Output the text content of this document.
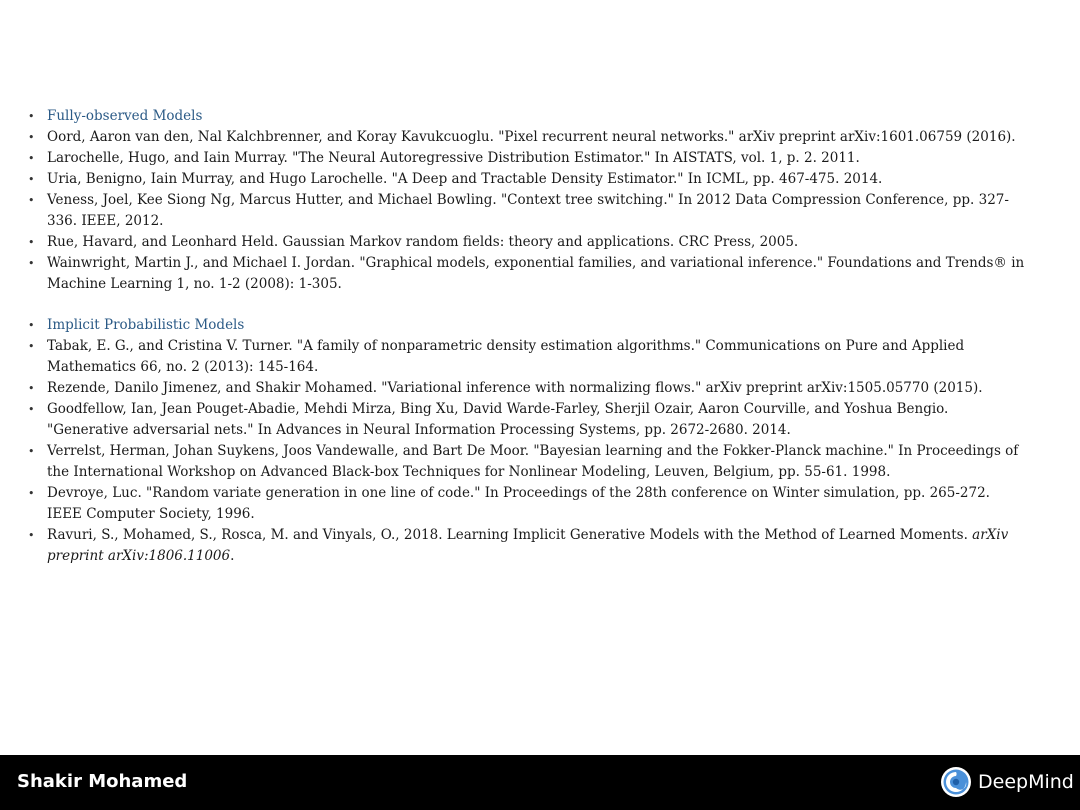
• Fully-observed Models
• Oord, Aaron van den, Nal Kalchbrenner, and Koray Kavukcuoglu. "Pixel recurrent neural networks." arXiv preprint arXiv:1601.06759 (2016).
• Larochelle, Hugo, and Iain Murray. "The Neural Autoregressive Distribution Estimator." In AISTATS, vol. 1, p. 2. 2011.
• Uria, Benigno, Iain Murray, and Hugo Larochelle. "A Deep and Tractable Density Estimator." In ICML, pp. 467-475. 2014.
• Veness, Joel, Kee Siong Ng, Marcus Hutter, and Michael Bowling. "Context tree switching." In 2012 Data Compression Conference, pp. 327-336. IEEE, 2012.
• Rue, Havard, and Leonhard Held. Gaussian Markov random fields: theory and applications. CRC Press, 2005.
• Wainwright, Martin J., and Michael I. Jordan. "Graphical models, exponential families, and variational inference." Foundations and Trends® in Machine Learning 1, no. 1-2 (2008): 1-305.
• Implicit Probabilistic Models
• Tabak, E. G., and Cristina V. Turner. "A family of nonparametric density estimation algorithms." Communications on Pure and Applied Mathematics 66, no. 2 (2013): 145-164.
• Rezende, Danilo Jimenez, and Shakir Mohamed. "Variational inference with normalizing flows." arXiv preprint arXiv:1505.05770 (2015).
• Goodfellow, Ian, Jean Pouget-Abadie, Mehdi Mirza, Bing Xu, David Warde-Farley, Sherjil Ozair, Aaron Courville, and Yoshua Bengio. "Generative adversarial nets." In Advances in Neural Information Processing Systems, pp. 2672-2680. 2014.
• Verrelst, Herman, Johan Suykens, Joos Vandewalle, and Bart De Moor. "Bayesian learning and the Fokker-Planck machine." In Proceedings of the International Workshop on Advanced Black-box Techniques for Nonlinear Modeling, Leuven, Belgium, pp. 55-61. 1998.
• Devroye, Luc. "Random variate generation in one line of code." In Proceedings of the 28th conference on Winter simulation, pp. 265-272. IEEE Computer Society, 1996.
• Ravuri, S., Mohamed, S., Rosca, M. and Vinyals, O., 2018. Learning Implicit Generative Models with the Method of Learned Moments. arXiv preprint arXiv:1806.11006.
Shakir Mohamed	DeepMind
